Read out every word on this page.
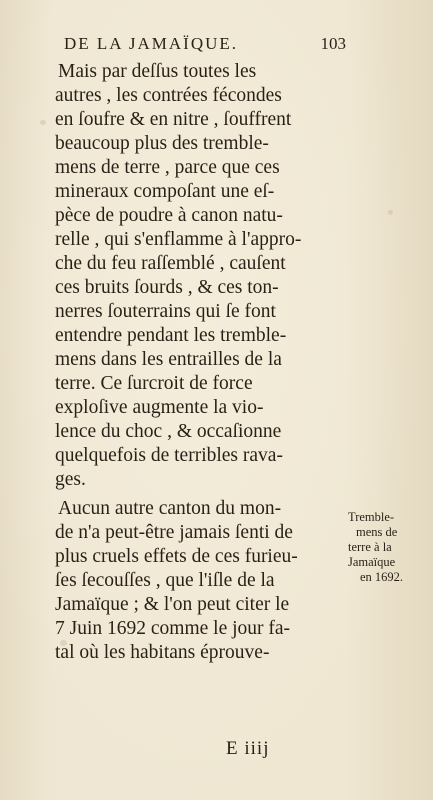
DE LA JAMAÏQUE.	103
Mais par deſſus toutes les
autres , les contrées fécondes
en ſoufre & en nitre , ſouffrent
beaucoup plus des tremble-
mens de terre , parce que ces
mineraux compoſant une eſ-
pèce de poudre à canon natu-
relle , qui s'enflamme à l'appro-
che du feu raſſemblé , cauſent
ces bruits ſourds , & ces ton-
nerres ſouterrains qui ſe font
entendre pendant les tremble-
mens dans les entrailles de la
terre. Ce ſurcroit de force
exploſive augmente la vio-
lence du choc , & occaſionne
quelquefois de terribles rava-
ges.
Aucun autre canton du mon-
de n'a peut-être jamais ſenti de
plus cruels effets de ces furieu-
ſes ſecouſſes , que l'iſle de la
Jamaïque ; & l'on peut citer le
7 Juin 1692 comme le jour fa-
tal où les habitans éprouve-
Tremble-
mens de
terre à la
Jamaïque
en 1692.
E iiij
